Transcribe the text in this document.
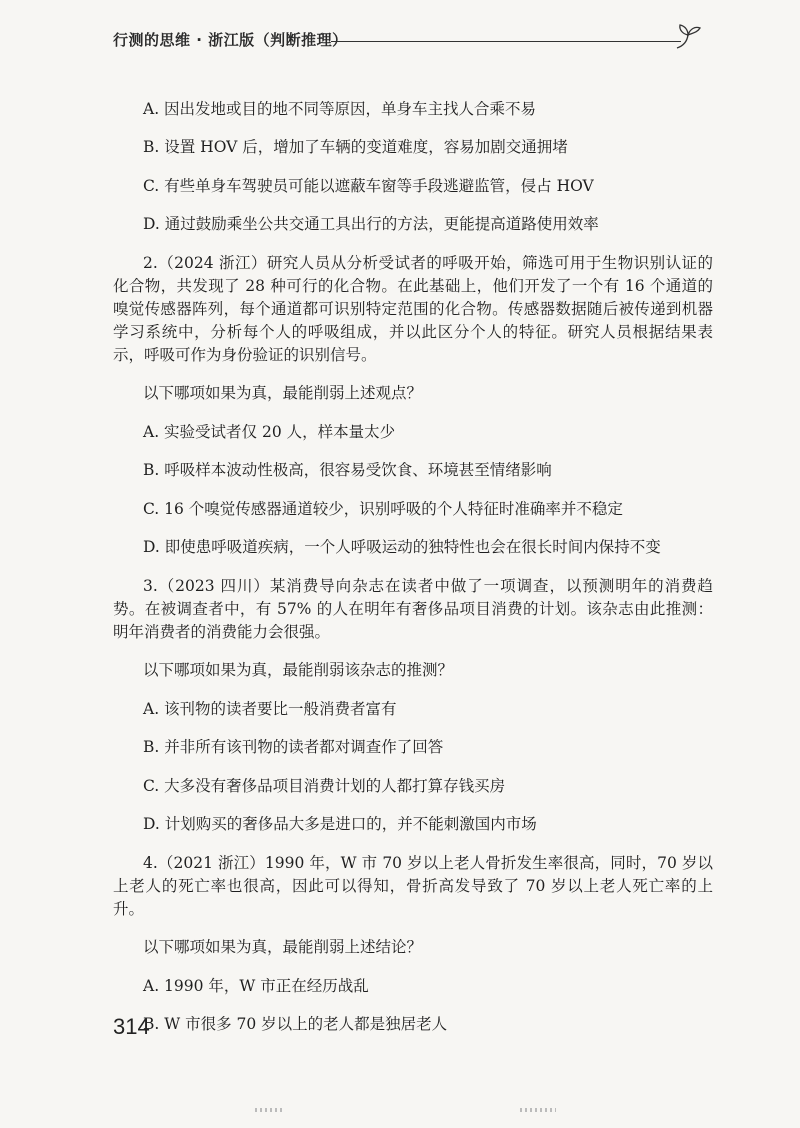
行测的思维 · 浙江版（判断推理）

A. 因出发地或目的地不同等原因，单身车主找人合乘不易

B. 设置 HOV 后，增加了车辆的变道难度，容易加剧交通拥堵

C. 有些单身车驾驶员可能以遮蔽车窗等手段逃避监管，侵占 HOV

D. 通过鼓励乘坐公共交通工具出行的方法，更能提高道路使用效率

2.（2024 浙江）研究人员从分析受试者的呼吸开始，筛选可用于生物识别认证的化合物，共发现了 28 种可行的化合物。在此基础上，他们开发了一个有 16 个通道的嗅觉传感器阵列，每个通道都可识别特定范围的化合物。传感器数据随后被传递到机器学习系统中，分析每个人的呼吸组成，并以此区分个人的特征。研究人员根据结果表示，呼吸可作为身份验证的识别信号。

以下哪项如果为真，最能削弱上述观点？

A. 实验受试者仅 20 人，样本量太少

B. 呼吸样本波动性极高，很容易受饮食、环境甚至情绪影响

C. 16 个嗅觉传感器通道较少，识别呼吸的个人特征时准确率并不稳定

D. 即使患呼吸道疾病，一个人呼吸运动的独特性也会在很长时间内保持不变

3.（2023 四川）某消费导向杂志在读者中做了一项调查，以预测明年的消费趋势。在被调查者中，有 57% 的人在明年有奢侈品项目消费的计划。该杂志由此推测：明年消费者的消费能力会很强。

以下哪项如果为真，最能削弱该杂志的推测？

A. 该刊物的读者要比一般消费者富有

B. 并非所有该刊物的读者都对调查作了回答

C. 大多没有奢侈品项目消费计划的人都打算存钱买房

D. 计划购买的奢侈品大多是进口的，并不能刺激国内市场

4.（2021 浙江）1990 年，W 市 70 岁以上老人骨折发生率很高，同时，70 岁以上老人的死亡率也很高，因此可以得知，骨折高发导致了 70 岁以上老人死亡率的上升。

以下哪项如果为真，最能削弱上述结论？

A. 1990 年，W 市正在经历战乱

B. W 市很多 70 岁以上的老人都是独居老人

314
